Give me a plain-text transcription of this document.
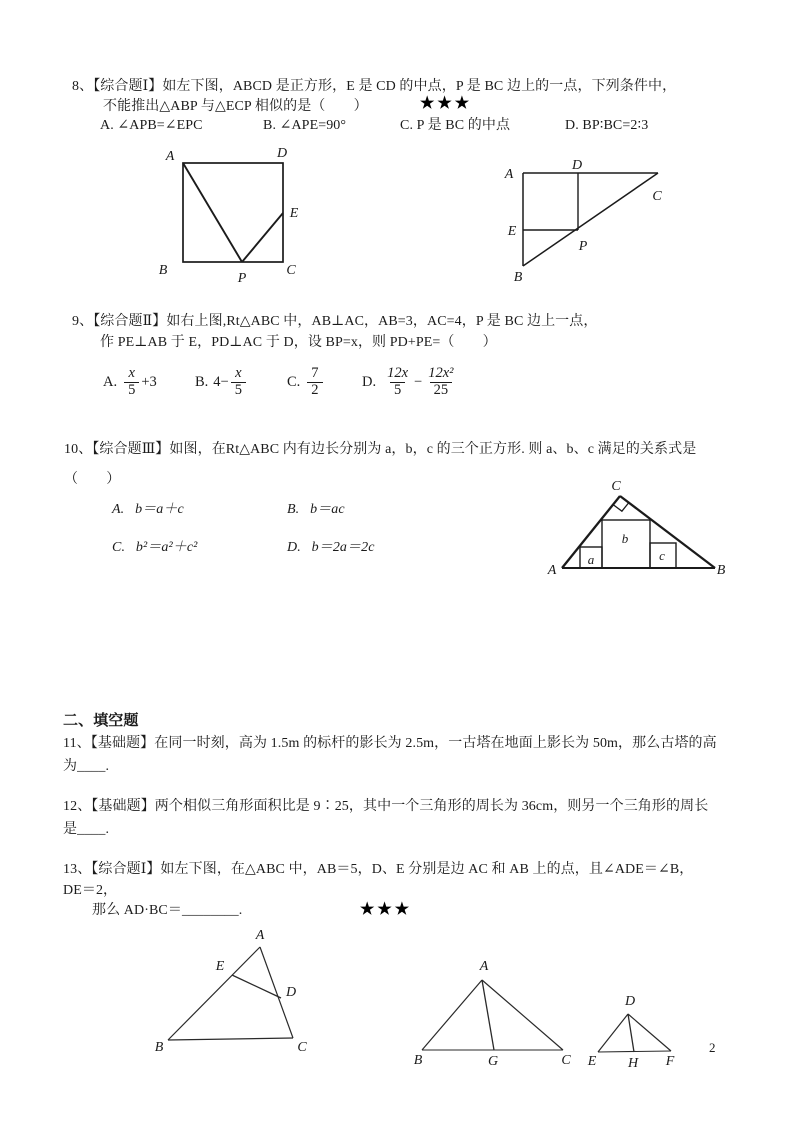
8、【综合题Ⅰ】如左下图，ABCD 是正方形，E 是 CD 的中点，P 是 BC 边上的一点，下列条件中，
不能推出△ABP 与△ECP 相似的是（　　）	★★★
A. ∠APB=∠EPC	B. ∠APE=90°	C. P 是 BC 的中点	D. BP∶BC=2∶3
A	D
E
B
P
C
A
D
C
E
P
B
9、【综合题Ⅱ】如右上图,Rt△ABC 中，AB⊥AC，AB=3，AC=4，P 是 BC 边上一点，
作 PE⊥AB 于 E，PD⊥AC 于 D，设 BP=x，则 PD+PE=（　　）
A. $\frac{x}{5} +3$	B. $4- \frac{x}{5}$	C. $\frac{7}{2}$	D. $\frac{12x}{5} - \frac{\text{12x²}}{25}$
10、【综合题Ⅲ】如图，在Rt△ABC 内有边长分别为 a，b，c 的三个正方形. 则 a、b、c 满足的关系式是
（　　）
A. b＝a＋c	B. b＝ac
C. b²＝a²＋c²	D. b＝2a＝2c
C
A	B
a
b
c
二、填空题
11、【基础题】在同一时刻，高为 1.5m 的标杆的影长为 2.5m，一古塔在地面上影长为 50m，那么古塔的高
为____.
12、【基础题】两个相似三角形面积比是 9∶25，其中一个三角形的周长为 36cm，则另一个三角形的周长
是____.
13、【综合题Ⅰ】如左下图，在△ABC 中，AB＝5，D、E 分别是边 AC 和 AB 上的点，且∠ADE＝∠B，
DE＝2，
那么 AD·BC＝________.	★★★
A
E
D
B	C
A
B	G	C
D
E H F
2
